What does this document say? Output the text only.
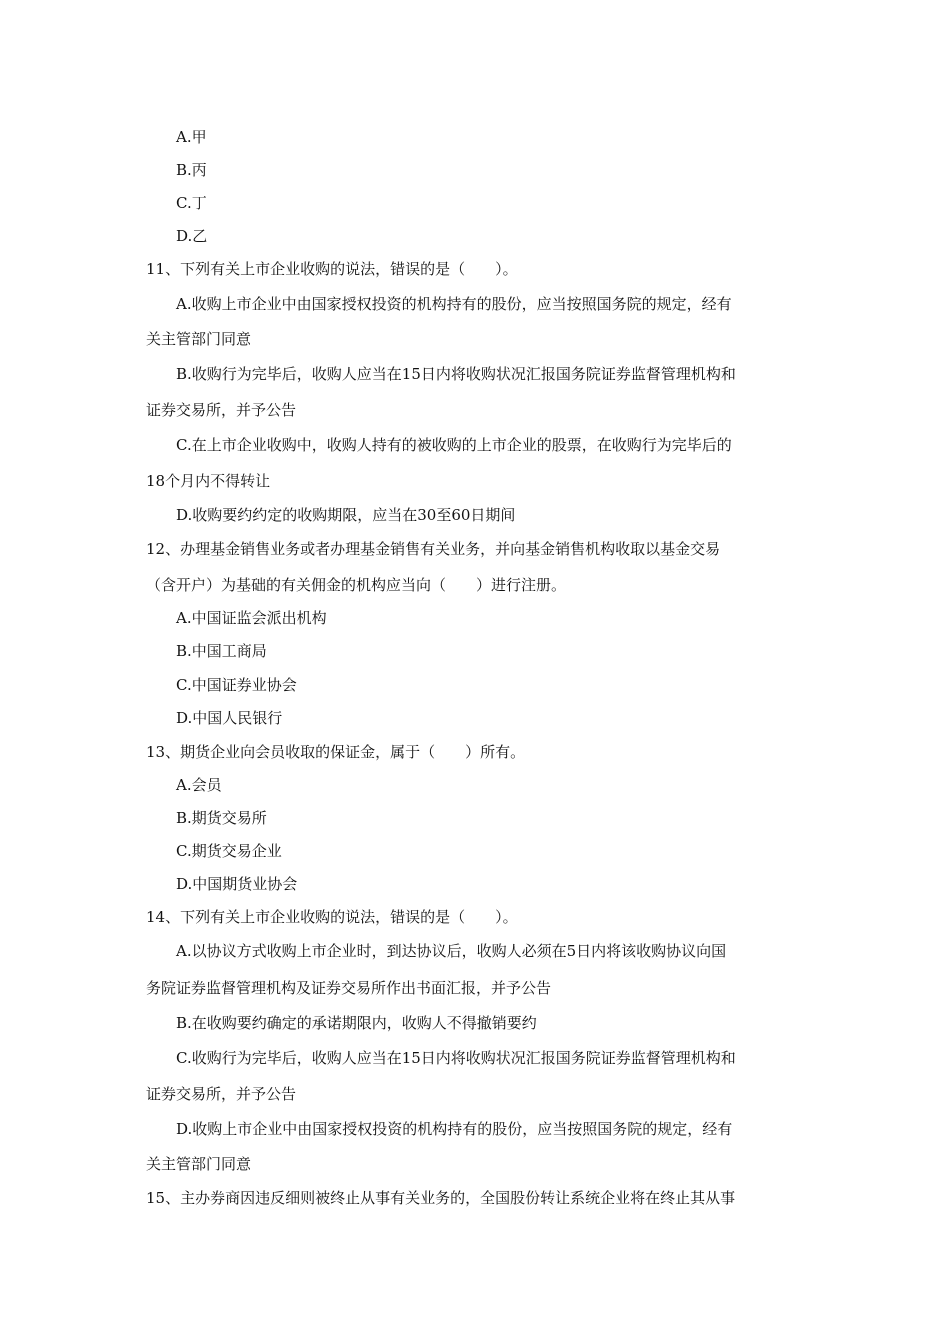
A.甲
B.丙
C.丁
D.乙
11、下列有关上市企业收购的说法，错误的是（　　）。
A.收购上市企业中由国家授权投资的机构持有的股份，应当按照国务院的规定，经有
关主管部门同意
B.收购行为完毕后，收购人应当在15日内将收购状况汇报国务院证券监督管理机构和
证券交易所，并予公告
C.在上市企业收购中，收购人持有的被收购的上市企业的股票，在收购行为完毕后的
18个月内不得转让
D.收购要约约定的收购期限，应当在30至60日期间
12、办理基金销售业务或者办理基金销售有关业务，并向基金销售机构收取以基金交易
（含开户）为基础的有关佣金的机构应当向（　　）进行注册。
A.中国证监会派出机构
B.中国工商局
C.中国证券业协会
D.中国人民银行
13、期货企业向会员收取的保证金，属于（　　）所有。
A.会员
B.期货交易所
C.期货交易企业
D.中国期货业协会
14、下列有关上市企业收购的说法，错误的是（　　）。
A.以协议方式收购上市企业时，到达协议后，收购人必须在5日内将该收购协议向国
务院证券监督管理机构及证券交易所作出书面汇报，并予公告
B.在收购要约确定的承诺期限内，收购人不得撤销要约
C.收购行为完毕后，收购人应当在15日内将收购状况汇报国务院证券监督管理机构和
证券交易所，并予公告
D.收购上市企业中由国家授权投资的机构持有的股份，应当按照国务院的规定，经有
关主管部门同意
15、主办券商因违反细则被终止从事有关业务的，全国股份转让系统企业将在终止其从事
